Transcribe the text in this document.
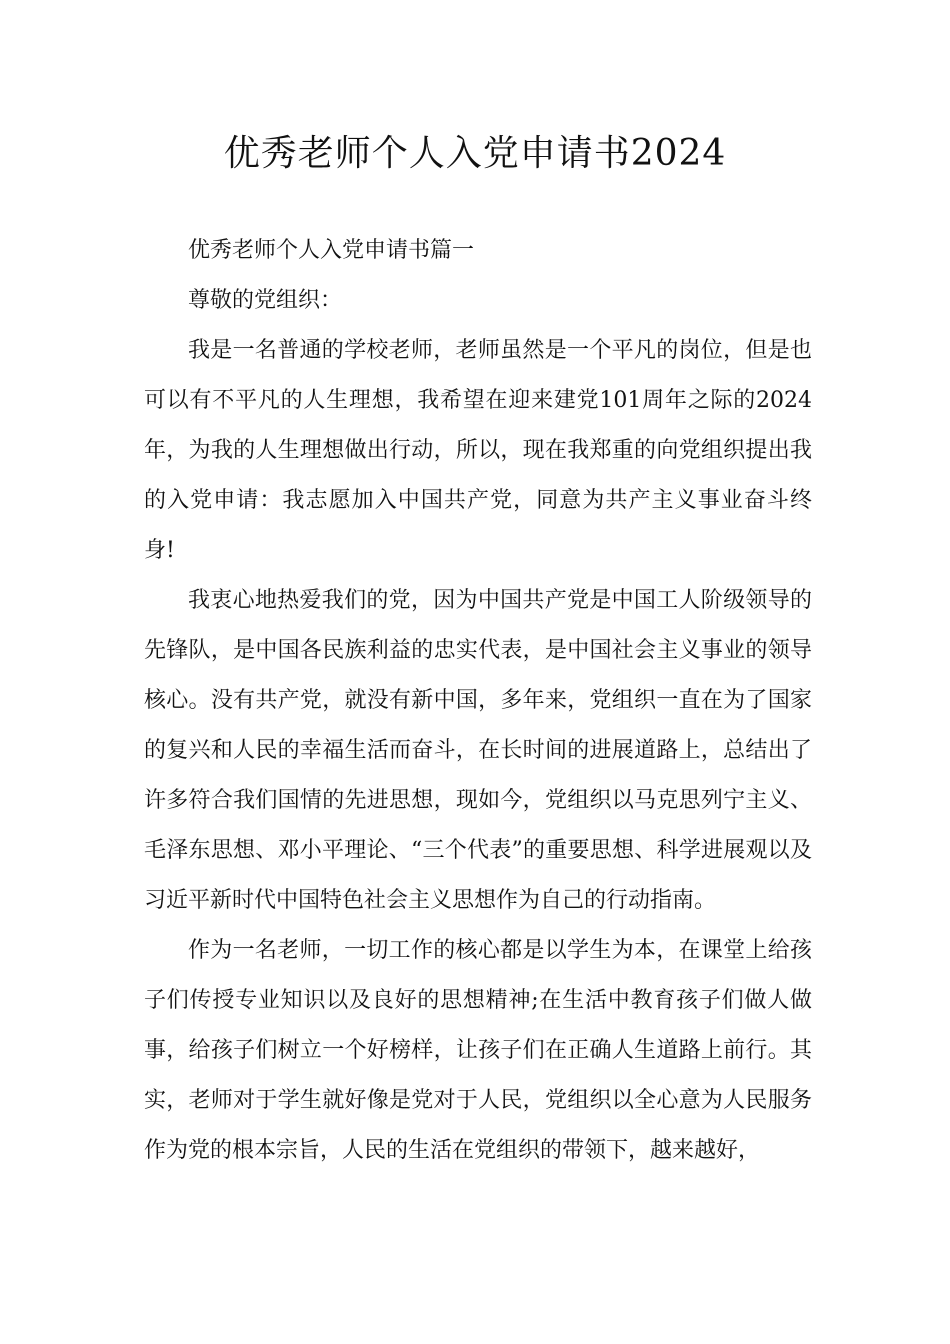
优秀老师个人入党申请书2024

优秀老师个人入党申请书篇一

尊敬的党组织：

我是一名普通的学校老师，老师虽然是一个平凡的岗位，但是也可以有不平凡的人生理想，我希望在迎来建党101周年之际的2024年，为我的人生理想做出行动，所以，现在我郑重的向党组织提出我的入党申请：我志愿加入中国共产党，同意为共产主义事业奋斗终身!

我衷心地热爱我们的党，因为中国共产党是中国工人阶级领导的先锋队，是中国各民族利益的忠实代表，是中国社会主义事业的领导核心。没有共产党，就没有新中国，多年来，党组织一直在为了国家的复兴和人民的幸福生活而奋斗，在长时间的进展道路上，总结出了许多符合我们国情的先进思想，现如今，党组织以马克思列宁主义、毛泽东思想、邓小平理论、“三个代表”的重要思想、科学进展观以及习近平新时代中国特色社会主义思想作为自己的行动指南。

作为一名老师，一切工作的核心都是以学生为本，在课堂上给孩子们传授专业知识以及良好的思想精神;在生活中教育孩子们做人做事，给孩子们树立一个好榜样，让孩子们在正确人生道路上前行。其实，老师对于学生就好像是党对于人民，党组织以全心意为人民服务作为党的根本宗旨，人民的生活在党组织的带领下，越来越好，
